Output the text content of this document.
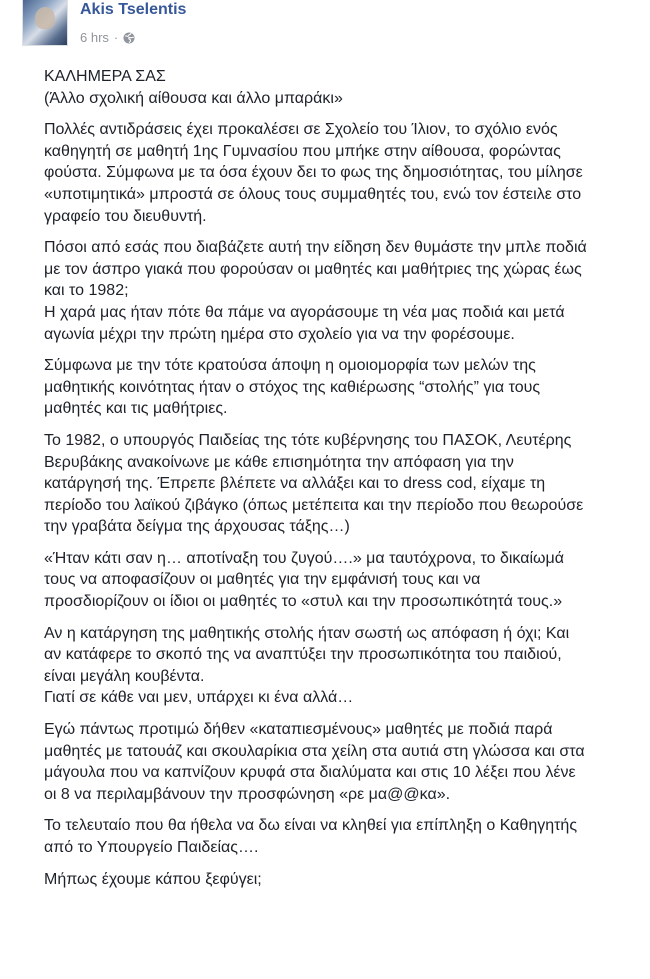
Akis Tselentis
6 hrs ·

ΚΑΛΗΜΕΡΑ ΣΑΣ
(Άλλο σχολική αίθουσα και άλλο μπαράκι»

Πολλές αντιδράσεις έχει προκαλέσει σε Σχολείο του Ίλιον, το σχόλιο ενός
καθηγητή σε μαθητή 1ης Γυμνασίου που μπήκε στην αίθουσα, φορώντας
φούστα. Σύμφωνα με τα όσα έχουν δει το φως της δημοσιότητας, του μίλησε
«υποτιμητικά» μπροστά σε όλους τους συμμαθητές του, ενώ τον έστειλε στο
γραφείο του διευθυντή.

Πόσοι από εσάς που διαβάζετε αυτή την είδηση δεν θυμάστε την μπλε ποδιά
με τον άσπρο γιακά που φορούσαν οι μαθητές και μαθήτριες της χώρας έως
και το 1982;
Η χαρά μας ήταν πότε θα πάμε να αγοράσουμε τη νέα μας ποδιά και μετά
αγωνία μέχρι την πρώτη ημέρα στο σχολείο για να την φορέσουμε.

Σύμφωνα με την τότε κρατούσα άποψη η ομοιομορφία των μελών της
μαθητικής κοινότητας ήταν ο στόχος της καθιέρωσης “στολής” για τους
μαθητές και τις μαθήτριες.

Το 1982, ο υπουργός Παιδείας της τότε κυβέρνησης του ΠΑΣΟΚ, Λευτέρης
Βερυβάκης ανακοίνωνε με κάθε επισημότητα την απόφαση για την
κατάργησή της. Έπρεπε βλέπετε να αλλάξει και το dress cod, είχαμε τη
περίοδο του λαϊκού ζιβάγκο (όπως μετέπειτα και την περίοδο που θεωρούσε
την γραβάτα δείγμα της άρχουσας τάξης…)

«Ήταν κάτι σαν η… αποτίναξη του ζυγού….» μα ταυτόχρονα, το δικαίωμά
τους να αποφασίζουν οι μαθητές για την εμφάνισή τους και να
προσδιορίζουν οι ίδιοι οι μαθητές το «στυλ και την προσωπικότητά τους.»

Αν η κατάργηση της μαθητικής στολής ήταν σωστή ως απόφαση ή όχι; Και
αν κατάφερε το σκοπό της να αναπτύξει την προσωπικότητα του παιδιού,
είναι μεγάλη κουβέντα.
Γιατί σε κάθε ναι μεν, υπάρχει κι ένα αλλά…

Εγώ πάντως προτιμώ δήθεν «καταπιεσμένους» μαθητές με ποδιά παρά
μαθητές με τατουάζ και σκουλαρίκια στα χείλη στα αυτιά στη γλώσσα και στα
μάγουλα που να καπνίζουν κρυφά στα διαλύματα και στις 10 λέξει που λένε
οι 8 να περιλαμβάνουν την προσφώνηση «ρε μα@@κα».

Το τελευταίο που θα ήθελα να δω είναι να κληθεί για επίπληξη ο Καθηγητής
από το Υπουργείο Παιδείας….

Μήπως έχουμε κάπου ξεφύγει;
